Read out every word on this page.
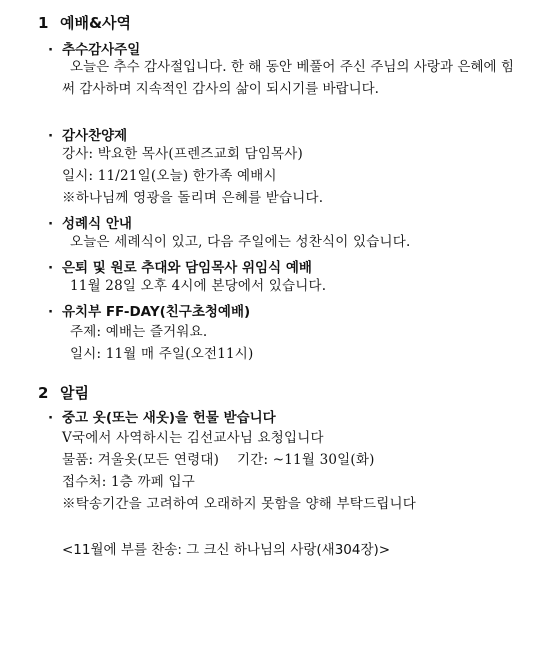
1 예배&사역
· 추수감사주일
오늘은 추수 감사절입니다. 한 해 동안 베풀어 주신 주님의 사랑과 은혜에 힘써 감사하며 지속적인 감사의 삶이 되시기를 바랍니다.
· 감사찬양제
강사: 박요한 목사(프렌즈교회 담임목사)
일시: 11/21일(오늘) 한가족 예배시
※하나님께 영광을 돌리며 은혜를 받습니다.
· 성례식 안내
오늘은 세례식이 있고, 다음 주일에는 성찬식이 있습니다.
· 은퇴 및 원로 추대와 담임목사 위임식 예배
11월 28일 오후 4시에 본당에서 있습니다.
· 유치부 FF-DAY(친구초청예배)
주제: 예배는 즐거워요.
일시: 11월 매 주일(오전11시)
2 알림
· 중고 옷(또는 새옷)을 헌물 받습니다
V국에서 사역하시는 김선교사님 요청입니다
물품: 겨울옷(모든 연령대)    기간: ~11월 30일(화)
접수처: 1층 까페 입구
※탁송기간을 고려하여 오래하지 못함을 양해 부탁드립니다
<11월에 부를 찬송: 그 크신 하나님의 사랑(새304장)>
